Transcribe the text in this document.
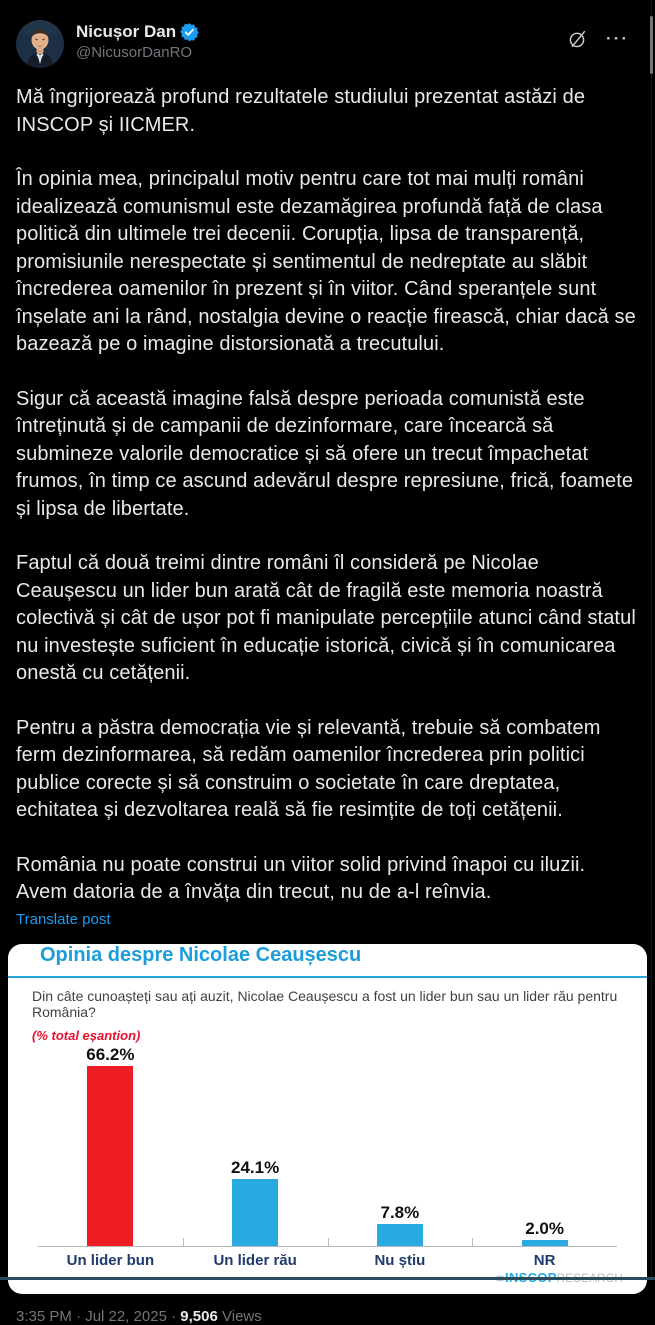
Nicușor Dan
@NicusorDanRO
···

Mă îngrijorează profund rezultatele studiului prezentat astăzi de INSCOP și IICMER.

În opinia mea, principalul motiv pentru care tot mai mulți români idealizează comunismul este dezamăgirea profundă față de clasa politică din ultimele trei decenii. Corupția, lipsa de transparență, promisiunile nerespectate și sentimentul de nedreptate au slăbit încrederea oamenilor în prezent și în viitor. Când speranțele sunt înșelate ani la rând, nostalgia devine o reacție firească, chiar dacă se bazează pe o imagine distorsionată a trecutului.

Sigur că această imagine falsă despre perioada comunistă este întreținută și de campanii de dezinformare, care încearcă să submineze valorile democratice și să ofere un trecut împachetat frumos, în timp ce ascund adevărul despre represiune, frică, foamete și lipsa de libertate.

Faptul că două treimi dintre români îl consideră pe Nicolae Ceaușescu un lider bun arată cât de fragilă este memoria noastră colectivă și cât de ușor pot fi manipulate percepțiile atunci când statul nu investește suficient în educație istorică, civică și în comunicarea onestă cu cetățenii.

Pentru a păstra democrația vie și relevantă, trebuie să combatem ferm dezinformarea, să redăm oamenilor încrederea prin politici publice corecte și să construim o societate în care dreptatea, echitatea și dezvoltarea reală să fie resimțite de toți cetățenii.

România nu poate construi un viitor solid privind înapoi cu iluzii. Avem datoria de a învăța din trecut, nu de a-l reînvia.

Translate post
Opinia despre Nicolae Ceaușescu
Din câte cunoașteți sau ați auzit, Nicolae Ceaușescu a fost un lider bun sau un lider rău pentru România?
(% total eșantion)
66.2%
24.1%
7.8%
2.0%
Un lider bun	Un lider rău	Nu știu	NR
3:35 PM · Jul 22, 2025 · 9,506 Views
